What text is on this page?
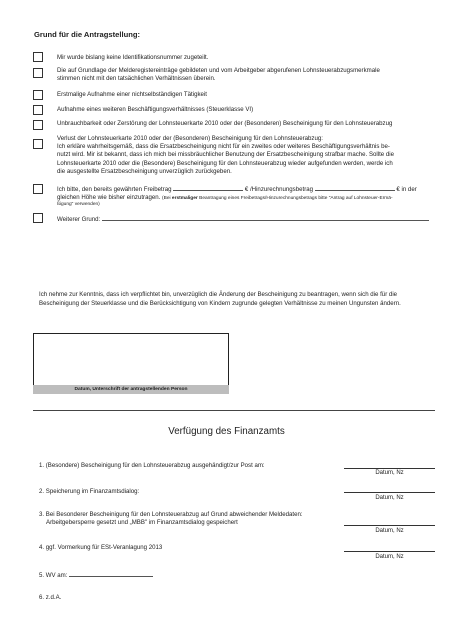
Grund für die Antragstellung:
Mir wurde bislang keine Identifikationsnummer zugeteilt.
Die auf Grundlage der Melderegistereinträge gebildeten und vom Arbeitgeber abgerufenen Lohnsteuerabzugsmerkmale
stimmen nicht mit den tatsächlichen Verhältnissen überein.
Erstmalige Aufnahme einer nichtselbständigen Tätigkeit
Aufnahme eines weiteren Beschäftigungsverhältnisses (Steuerklasse VI)
Unbrauchbarkeit oder Zerstörung der Lohnsteuerkarte 2010 oder der (Besonderen) Bescheinigung für den Lohnsteuerabzug
Verlust der Lohnsteuerkarte 2010 oder der (Besonderen) Bescheinigung für den Lohnsteuerabzug:
Ich erkläre wahrheitsgemäß, dass die Ersatzbescheinigung nicht für ein zweites oder weiteres Beschäftigungsverhältnis be-
nutzt wird. Mir ist bekannt, dass ich mich bei missbräuchlicher Benutzung der Ersatzbescheinigung strafbar mache. Sollte die
Lohnsteuerkarte 2010 oder die (Besondere) Bescheinigung für den Lohnsteuerabzug wieder aufgefunden werden, werde ich
die ausgestellte Ersatzbescheinigung unverzüglich zurückgeben.
Ich bitte, den bereits gewährten Freibetrag	€ /Hinzurechnungsbetrag	€ in der
gleichen Höhe wie bisher einzutragen. (Bei erstmaliger Beantragung eines Freibetrags/Hinzurechnungsbetrags bitte "Antrag auf Lohnsteuer-Ermä-
ßigung" verwenden)
Weiterer Grund:
Ich nehme zur Kenntnis, dass ich verpflichtet bin, unverzüglich die Änderung der Bescheinigung zu beantragen, wenn sich die für die Bescheinigung der Steuerklasse und die Berücksichtigung von Kindern zugrunde gelegten Verhältnisse zu meinen Ungunsten ändern.
Datum, Unterschrift der antragstellenden Person
Verfügung des Finanzamts
1. (Besondere) Bescheinigung für den Lohnsteuerabzug ausgehändigt/zur Post am:
Datum, Nz
2. Speicherung im Finanzamtsdialog:
Datum, Nz
3. Bei Besonderer Bescheinigung für den Lohnsteuerabzug auf Grund abweichender Meldedaten:
Arbeitgebersperre gesetzt und „MBB" im Finanzamtsdialog gespeichert
Datum, Nz
4. ggf. Vormerkung für ESt-Veranlagung 2013
Datum, Nz
5. WV am:
6. z.d.A.
